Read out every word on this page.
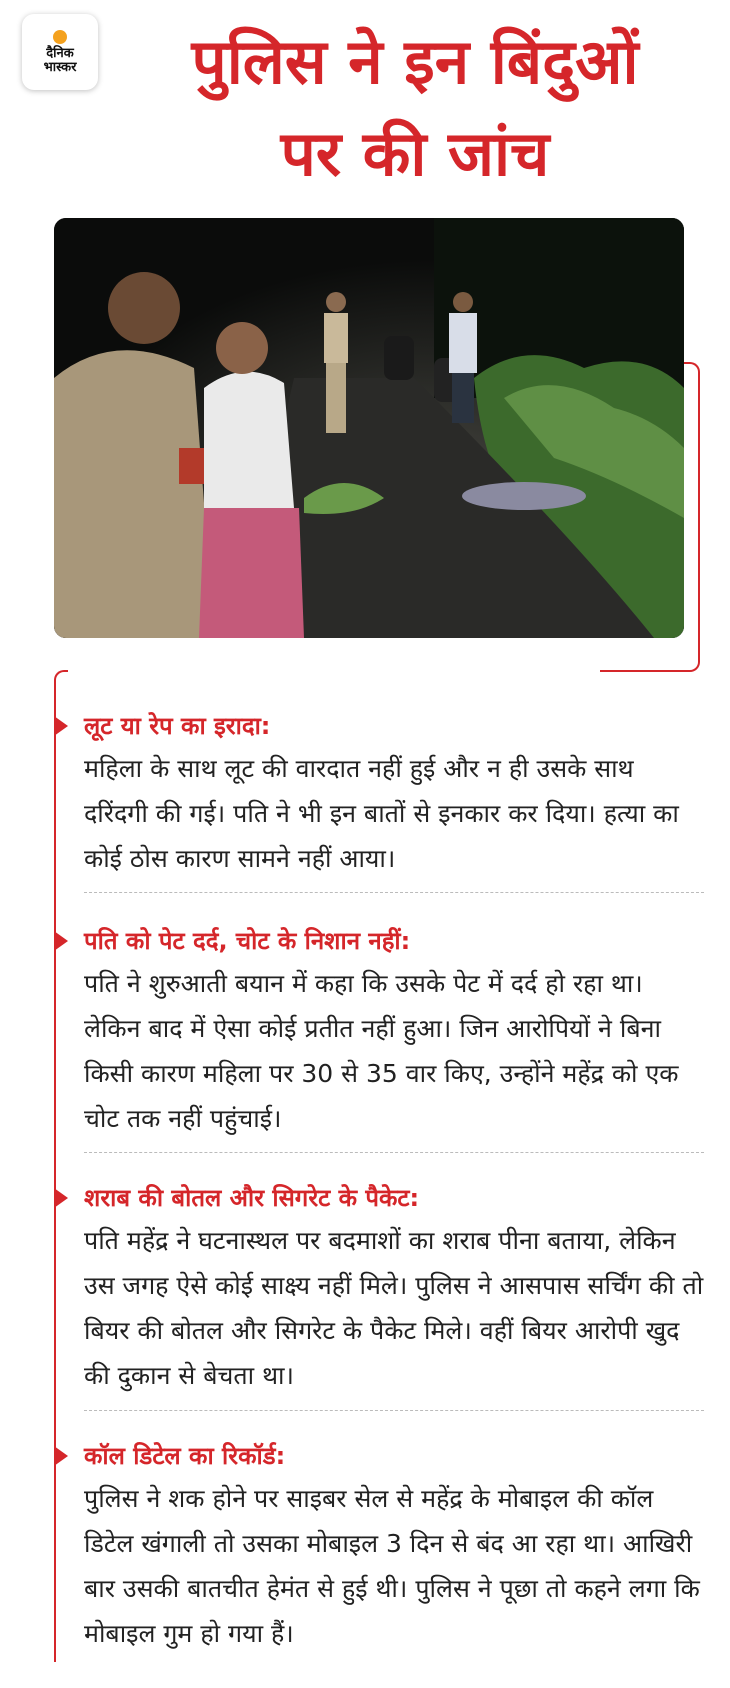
दैनिक
भास्कर	पुलिस ने इन बिंदुओं
पर की जांच
लूट या रेप का इरादा:
महिला के साथ लूट की वारदात नहीं हुई और न ही उसके साथ दरिंदगी की गई। पति ने भी इन बातों से इनकार कर दिया। हत्या का कोई ठोस कारण सामने नहीं आया।
पति को पेट दर्द, चोट के निशान नहीं:
पति ने शुरुआती बयान में कहा कि उसके पेट में दर्द हो रहा था। लेकिन बाद में ऐसा कोई प्रतीत नहीं हुआ। जिन आरोपियों ने बिना किसी कारण महिला पर 30 से 35 वार किए, उन्होंने महेंद्र को एक चोट तक नहीं पहुंचाई।
शराब की बोतल और सिगरेट के पैकेट:
पति महेंद्र ने घटनास्थल पर बदमाशों का शराब पीना बताया, लेकिन उस जगह ऐसे कोई साक्ष्य नहीं मिले। पुलिस ने आसपास सर्चिंग की तो बियर की बोतल और सिगरेट के पैकेट मिले। वहीं बियर आरोपी खुद की दुकान से बेचता था।
कॉल डिटेल का रिकॉर्ड:
पुलिस ने शक होने पर साइबर सेल से महेंद्र के मोबाइल की कॉल डिटेल खंगाली तो उसका मोबाइल 3 दिन से बंद आ रहा था। आखिरी बार उसकी बातचीत हेमंत से हुई थी। पुलिस ने पूछा तो कहने लगा कि मोबाइल गुम हो गया हैं।
